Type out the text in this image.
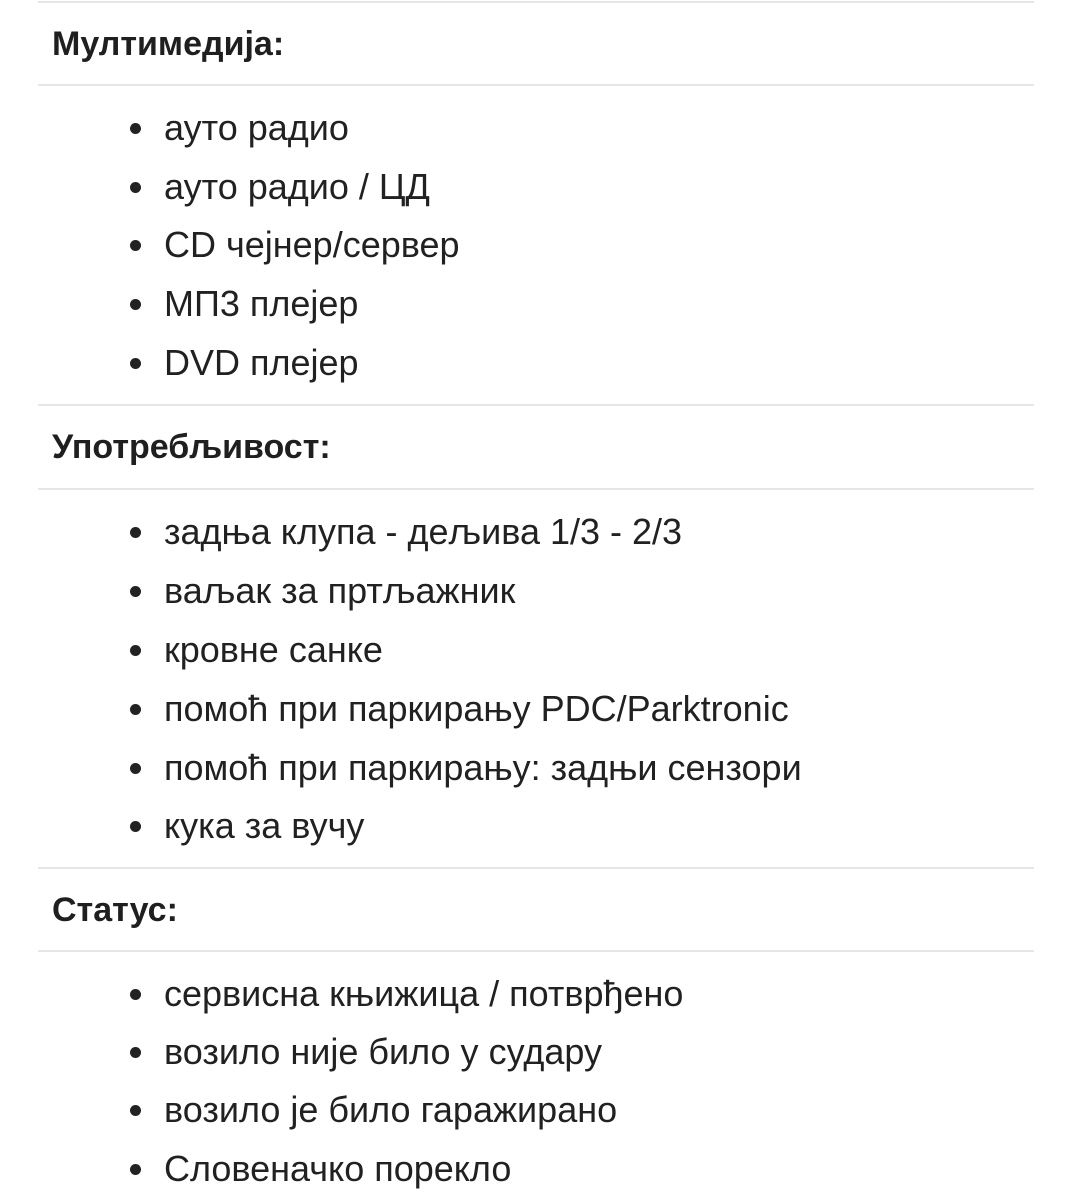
Мултимедија:
ауто радио
ауто радио / ЦД
CD чејнер/сервер
МП3 плејер
DVD плејер
Употребљивост:
задња клупа - дељива 1/3 - 2/3
ваљак за пртљажник
кровне санке
помоћ при паркирању PDC/Parktronic
помоћ при паркирању: задњи сензори
кука за вучу
Статус:
сервисна књижица / потврђено
возило није било у судару
возило је било гаражирано
Словеначко порекло
